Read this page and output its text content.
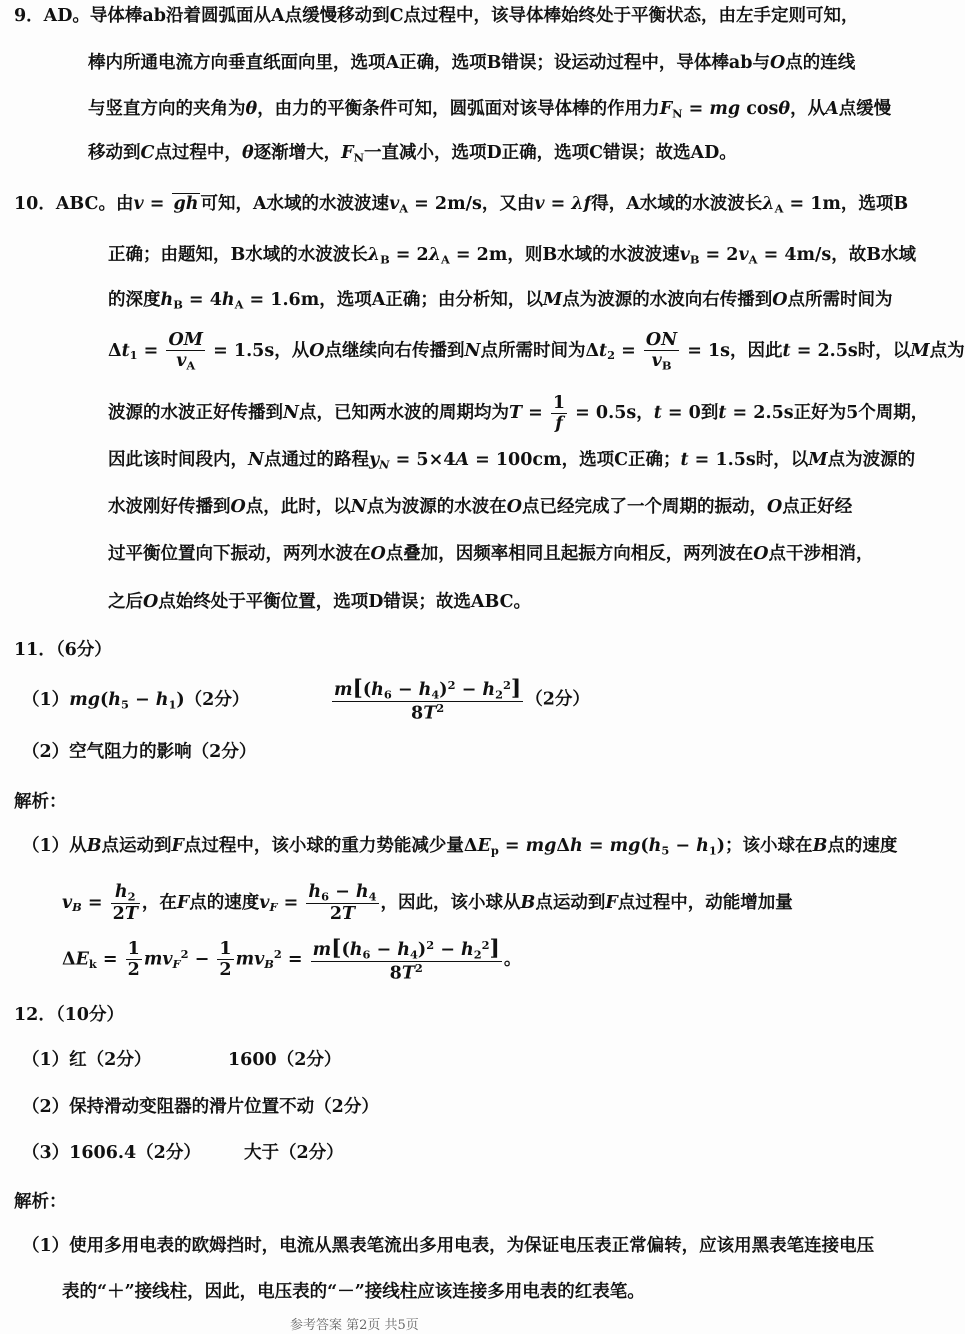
9．AD。导体棒ab沿着圆弧面从A点缓慢移动到C点过程中，该导体棒始终处于平衡状态，由左手定则可知，
棒内所通电流方向垂直纸面向里，选项A正确，选项B错误；设运动过程中，导体棒ab与O点的连线
与竖直方向的夹角为θ，由力的平衡条件可知，圆弧面对该导体棒的作用力$F_N$ = mg cosθ，从A点缓慢
移动到C点过程中，θ逐渐增大，$F_N$一直减小，选项D正确，选项C错误；故选AD。
10．ABC。由v = gh 可知，A水域的水波波速$v_A = 2m/s$，又由v = λf得，A水域的水波波长$\lambda_A = 1m$，选项B
正确；由题知，B水域的水波波长$\lambda_B = 2\lambda_A = 2m$，则B水域的水波波速$v_B = 2v_A = 4m/s$，故B水域
的深度$h_B = 4h_A = 1.6m$，选项A正确；由分析知，以M点为波源的水波向右传播到O点所需时间为
$\Delta t_1 = \frac{OM}{v_A} = 1.5s$，从O点继续向右传播到N点所需时间为$\Delta t_2 = \frac{ON}{v_B} = 1s$，因此t = 2.5s时，以M点为
波源的水波正好传播到N点，已知两水波的周期均为$T = \frac{1}{f} = 0.5s$，t = 0到t = 2.5s正好为5个周期，
因此该时间段内，N点通过的路程$y_N = 5\times 4A = 100cm$，选项C正确；t = 1.5s时，以M点为波源的
水波刚好传播到O点，此时，以N点为波源的水波在O点已经完成了一个周期的振动，O点正好经
过平衡位置向下振动，两列水波在O点叠加，因频率相同且起振方向相反，两列波在O点干涉相消，
之后O点始终处于平衡位置，选项D错误；故选ABC。
11．（6分）
$(1)mg(h_5 - h_1)(2$分）	$\frac{m[(h_6 - h_4)^2 - h_2^2]}{8T^2} (2$分）
（2）空气阻力的影响（2分）
解析：
（1）从B点运动到F点过程中，该小球的重力势能减少量$\Delta E_p = mg\Delta h = mg(h_5 - h_1)$；该小球在B点的速度
$v_B = \frac{h_2}{2T}$ ，在F点的速度$v_F = \frac{h_6 - h_4}{2T}$ ，因此，该小球从B点运动到F点过程中，动能增加量
$\Delta E_k = \frac{1}{2} mv_F^2 - \frac{1}{2} mv_B^2 = \frac{m[(h_6 - h_4)^2 - h_2^2]}{8T^2}$ 。
12．（10分）
（1）红（2分）	1600（2分）
（2）保持滑动变阻器的滑片位置不动（2分）
（3）1606.4（2分） 大于（2分）
解析：
（1）使用多用电表的欧姆挡时，电流从黑表笔流出多用电表，为保证电压表正常偏转，应该用黑表笔连接电压
表的“＋”接线柱，因此，电压表的“－”接线柱应该连接多用电表的红表笔。
参考答案 第2页 共5页
